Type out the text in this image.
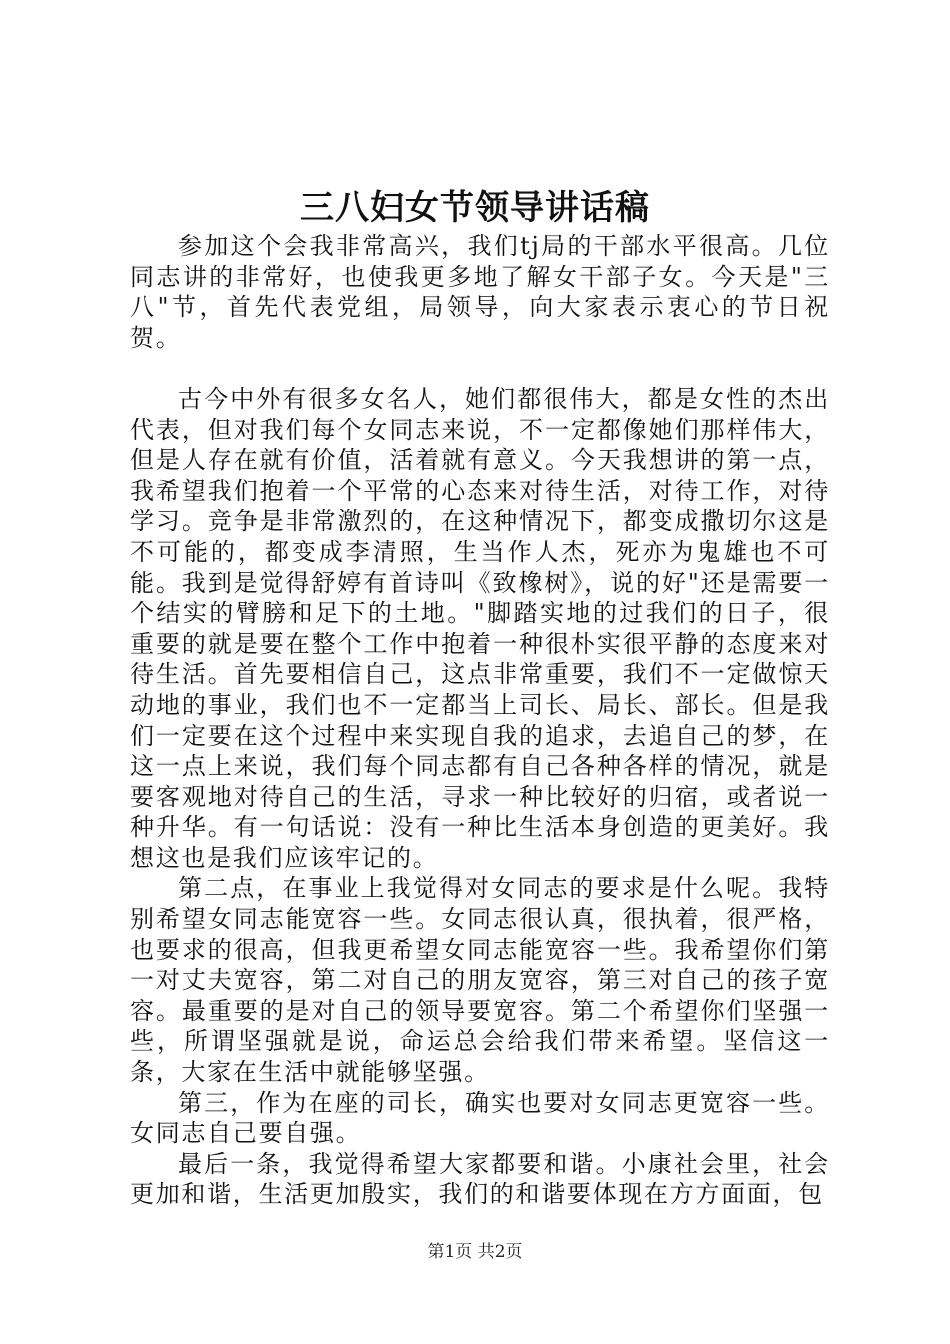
三八妇女节领导讲话稿

参加这个会我非常高兴，我们tj局的干部水平很高。几位同志讲的非常好，也使我更多地了解女干部子女。今天是"三八"节，首先代表党组，局领导，向大家表示衷心的节日祝贺。

古今中外有很多女名人，她们都很伟大，都是女性的杰出代表，但对我们每个女同志来说，不一定都像她们那样伟大，但是人存在就有价值，活着就有意义。今天我想讲的第一点，我希望我们抱着一个平常的心态来对待生活，对待工作，对待学习。竞争是非常激烈的，在这种情况下，都变成撒切尔这是不可能的，都变成李清照，生当作人杰，死亦为鬼雄也不可能。我到是觉得舒婷有首诗叫《致橡树》，说的好"还是需要一个结实的臂膀和足下的土地。"脚踏实地的过我们的日子，很重要的就是要在整个工作中抱着一种很朴实很平静的态度来对待生活。首先要相信自己，这点非常重要，我们不一定做惊天动地的事业，我们也不一定都当上司长、局长、部长。但是我们一定要在这个过程中来实现自我的追求，去追自己的梦，在这一点上来说，我们每个同志都有自己各种各样的情况，就是要客观地对待自己的生活，寻求一种比较好的归宿，或者说一种升华。有一句话说：没有一种比生活本身创造的更美好。我想这也是我们应该牢记的。

第二点，在事业上我觉得对女同志的要求是什么呢。我特别希望女同志能宽容一些。女同志很认真，很执着，很严格，也要求的很高，但我更希望女同志能宽容一些。我希望你们第一对丈夫宽容，第二对自己的朋友宽容，第三对自己的孩子宽容。最重要的是对自己的领导要宽容。第二个希望你们坚强一些，所谓坚强就是说，命运总会给我们带来希望。坚信这一条，大家在生活中就能够坚强。

第三，作为在座的司长，确实也要对女同志更宽容一些。女同志自己要自强。

最后一条，我觉得希望大家都要和谐。小康社会里，社会更加和谐，生活更加殷实，我们的和谐要体现在方方面面，包

第1页 共2页
